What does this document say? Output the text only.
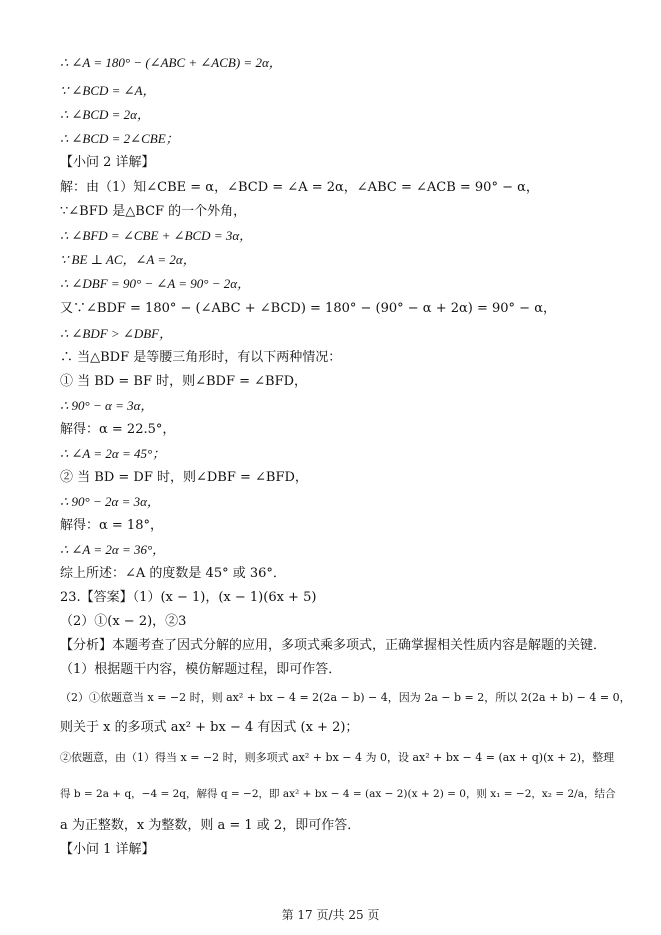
∴ ∠A = 180° − (∠ABC + ∠ACB) = 2α，
∵ ∠BCD = ∠A，
∴ ∠BCD = 2α，
∴ ∠BCD = 2∠CBE；
【小问 2 详解】
解：由（1）知∠CBE = α，∠BCD = ∠A = 2α，∠ABC = ∠ACB = 90° − α，
∵∠BFD 是△BCF 的一个外角，
∴ ∠BFD = ∠CBE + ∠BCD = 3α，
∵ BE ⊥ AC，∠A = 2α，
∴ ∠DBF = 90° − ∠A = 90° − 2α，
又∵∠BDF = 180° − (∠ABC + ∠BCD) = 180° − (90° − α + 2α) = 90° − α，
∴ ∠BDF > ∠DBF，
∴ 当△BDF 是等腰三角形时，有以下两种情况：
① 当 BD = BF 时，则∠BDF = ∠BFD，
∴ 90° − α = 3α，
解得：α = 22.5°，
∴ ∠A = 2α = 45°；
② 当 BD = DF 时，则∠DBF = ∠BFD，
∴ 90° − 2α = 3α，
解得：α = 18°，
∴ ∠A = 2α = 36°，
综上所述：∠A 的度数是 45° 或 36°．
23.【答案】（1）(x − 1)，(x − 1)(6x + 5)
（2）①(x − 2)，②3
【分析】本题考查了因式分解的应用，多项式乘多项式，正确掌握相关性质内容是解题的关键．
（1）根据题干内容，模仿解题过程，即可作答．
（2）①依题意当 x = −2 时，则 ax² + bx − 4 = 2(2a − b) − 4，因为 2a − b = 2，所以 2(2a + b) − 4 = 0，
则关于 x 的多项式 ax² + bx − 4 有因式 (x + 2)；
②依题意，由（1）得当 x = −2 时，则多项式 ax² + bx − 4 为 0，设 ax² + bx − 4 = (ax + q)(x + 2)，整理
得 b = 2a + q，−4 = 2q，解得 q = −2，即 ax² + bx − 4 = (ax − 2)(x + 2) = 0，则 x₁ = −2，x₂ = 2/a，结合
a 为正整数，x 为整数，则 a = 1 或 2，即可作答．
【小问 1 详解】
第 17 页/共 25 页
